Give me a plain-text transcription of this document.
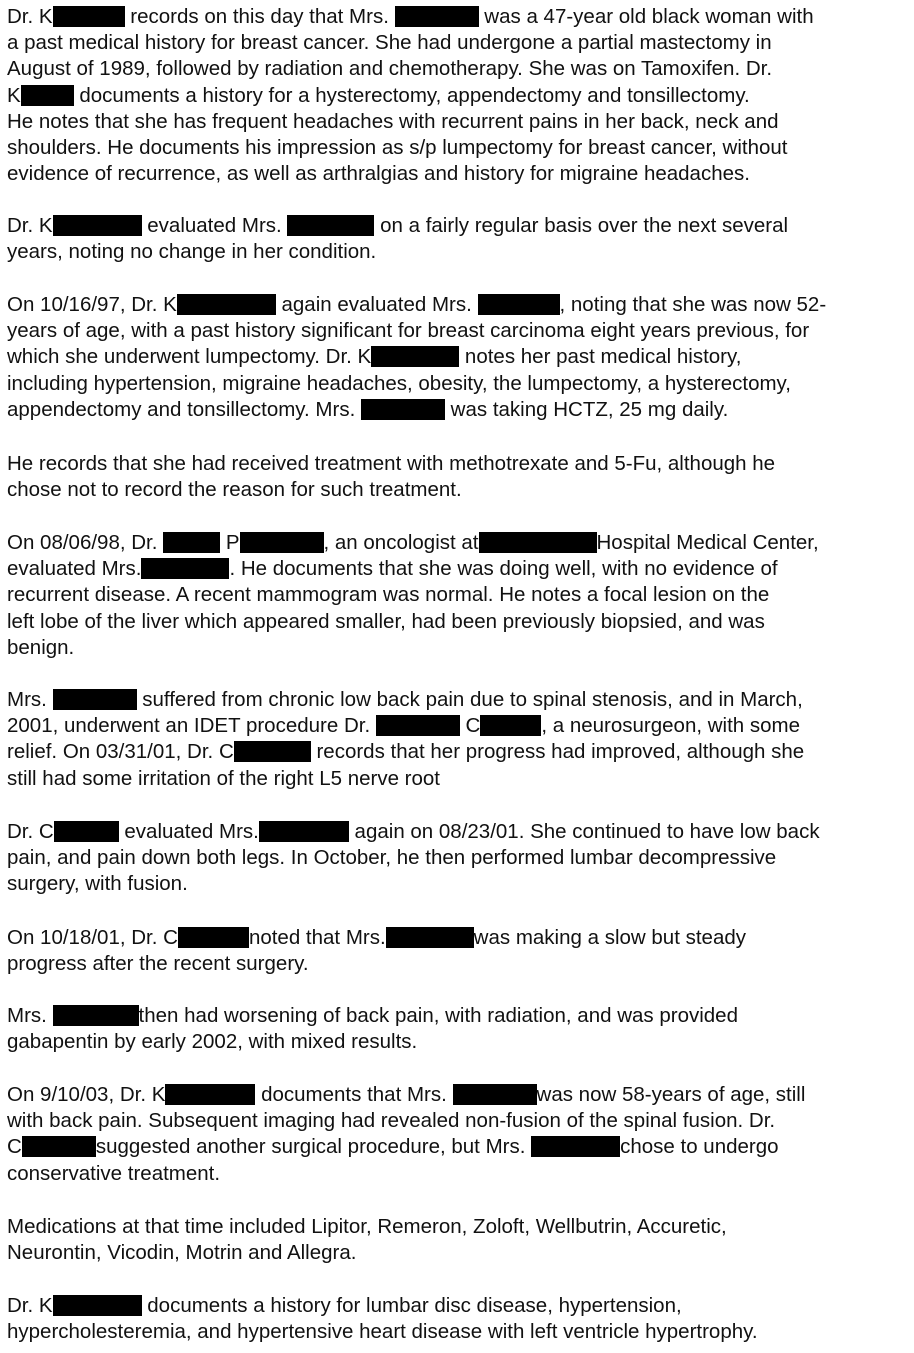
Dr. K	records on this day that Mrs.	was a 47-year old black woman with
a past medical history for breast cancer. She had undergone a partial mastectomy in
August of 1989, followed by radiation and chemotherapy. She was on Tamoxifen. Dr.
K	documents a history for a hysterectomy, appendectomy and tonsillectomy.
He notes that she has frequent headaches with recurrent pains in her back, neck and
shoulders. He documents his impression as s/p lumpectomy for breast cancer, without
evidence of recurrence, as well as arthralgias and history for migraine headaches.
Dr. K	evaluated Mrs.	on a fairly regular basis over the next several
years, noting no change in her condition.
On 10/16/97, Dr. K	again evaluated Mrs.	, noting that she was now 52-
years of age, with a past history significant for breast carcinoma eight years previous, for
which she underwent lumpectomy. Dr. K	notes her past medical history,
including hypertension, migraine headaches, obesity, the lumpectomy, a hysterectomy,
appendectomy and tonsillectomy. Mrs.	was taking HCTZ, 25 mg daily.
He records that she had received treatment with methotrexate and 5-Fu, although he
chose not to record the reason for such treatment.
On 08/06/98, Dr.	P	, an oncologist at	Hospital Medical Center,
evaluated Mrs.	. He documents that she was doing well, with no evidence of
recurrent disease. A recent mammogram was normal. He notes a focal lesion on the
left lobe of the liver which appeared smaller, had been previously biopsied, and was
benign.
Mrs.	suffered from chronic low back pain due to spinal stenosis, and in March,
2001, underwent an IDET procedure Dr.	C	, a neurosurgeon, with some
relief. On 03/31/01, Dr. C	records that her progress had improved, although she
still had some irritation of the right L5 nerve root
Dr. C	evaluated Mrs.	again on 08/23/01. She continued to have low back
pain, and pain down both legs. In October, he then performed lumbar decompressive
surgery, with fusion.
On 10/18/01, Dr. C	noted that Mrs.	was making a slow but steady
progress after the recent surgery.
Mrs.	then had worsening of back pain, with radiation, and was provided
gabapentin by early 2002, with mixed results.
On 9/10/03, Dr. K	documents that Mrs.	was now 58-years of age, still
with back pain. Subsequent imaging had revealed non-fusion of the spinal fusion. Dr.
C	suggested another surgical procedure, but Mrs.	chose to undergo
conservative treatment.
Medications at that time included Lipitor, Remeron, Zoloft, Wellbutrin, Accuretic,
Neurontin, Vicodin, Motrin and Allegra.
Dr. K	documents a history for lumbar disc disease, hypertension,
hypercholesteremia, and hypertensive heart disease with left ventricle hypertrophy.
